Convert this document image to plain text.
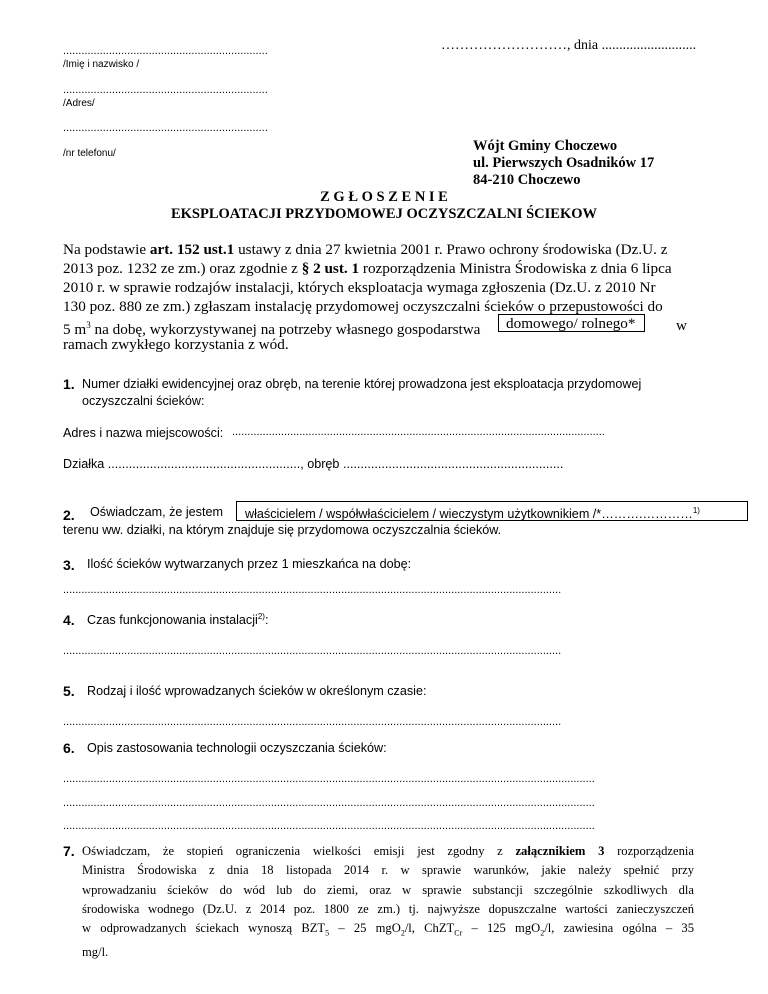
...................................................................
/Imię i nazwisko /
...................................................................
/Adres/
...................................................................
/nr telefonu/
………………………, dnia ...........................
Wójt Gminy Choczewo
ul. Pierwszych Osadników 17
84-210 Choczewo
Z G Ł O S Z E N I E
EKSPLOATACJI PRZYDOMOWEJ OCZYSZCZALNI ŚCIEKOW
Na podstawie art. 152 ust.1 ustawy z dnia 27 kwietnia 2001 r. Prawo ochrony środowiska (Dz.U. z
2013 poz. 1232 ze zm.) oraz zgodnie z § 2 ust. 1 rozporządzenia Ministra Środowiska z dnia 6 lipca
2010 r. w sprawie rodzajów instalacji, których eksploatacja wymaga zgłoszenia (Dz.U. z 2010 Nr
130 poz. 880 ze zm.) zgłaszam instalację przydomowej oczyszczalni ścieków o przepustowości do
5 $m^3$ na dobę, wykorzystywanej na potrzeby własnego gospodarstwa	domowego/ rolnego*	w
ramach zwykłego korzystania z wód.
1. Numer działki ewidencyjnej oraz obręb, na terenie której prowadzona jest eksploatacja przydomowej
oczyszczalni ścieków:
Adres i nazwa miejscowości: ..........................................................................................................................
Działka ......................................................., obręb ...............................................................
2. Oświadczam, że jestem	właścicielem / współwłaścicielem / wieczystym użytkownikiem /*……….…………$^{1)}$
terenu ww. działki, na którym znajduje się przydomowa oczyszczalnia ścieków.
3. Ilość ścieków wytwarzanych przez 1 mieszkańca na dobę:
...................................................................................................................................................................
4. Czas funkcjonowania instalacji$^{2)}$:
...................................................................................................................................................................
5. Rodzaj i ilość wprowadzanych ścieków w określonym czasie:
...................................................................................................................................................................
6. Opis zastosowania technologii oczyszczania ścieków:
..............................................................................................................................................................................
..............................................................................................................................................................................
..............................................................................................................................................................................
7. Oświadczam, że stopień ograniczenia wielkości emisji jest zgodny z załącznikiem 3 rozporządzenia
Ministra Środowiska z dnia 18 listopada 2014 r. w sprawie warunków, jakie należy spełnić przy
wprowadzaniu ścieków do wód lub do ziemi, oraz w sprawie substancji szczególnie szkodliwych dla
środowiska wodnego (Dz.U. z 2014 poz. 1800 ze zm.) tj. najwyższe dopuszczalne wartości zanieczyszczeń
w odprowadzanych ściekach wynoszą $BZT_5 - 25$ mgO$_2$/l, ChZT$_{Cr}$ – 125 mgO$_2$/l, zawiesina ogólna – 35
mg/l.
